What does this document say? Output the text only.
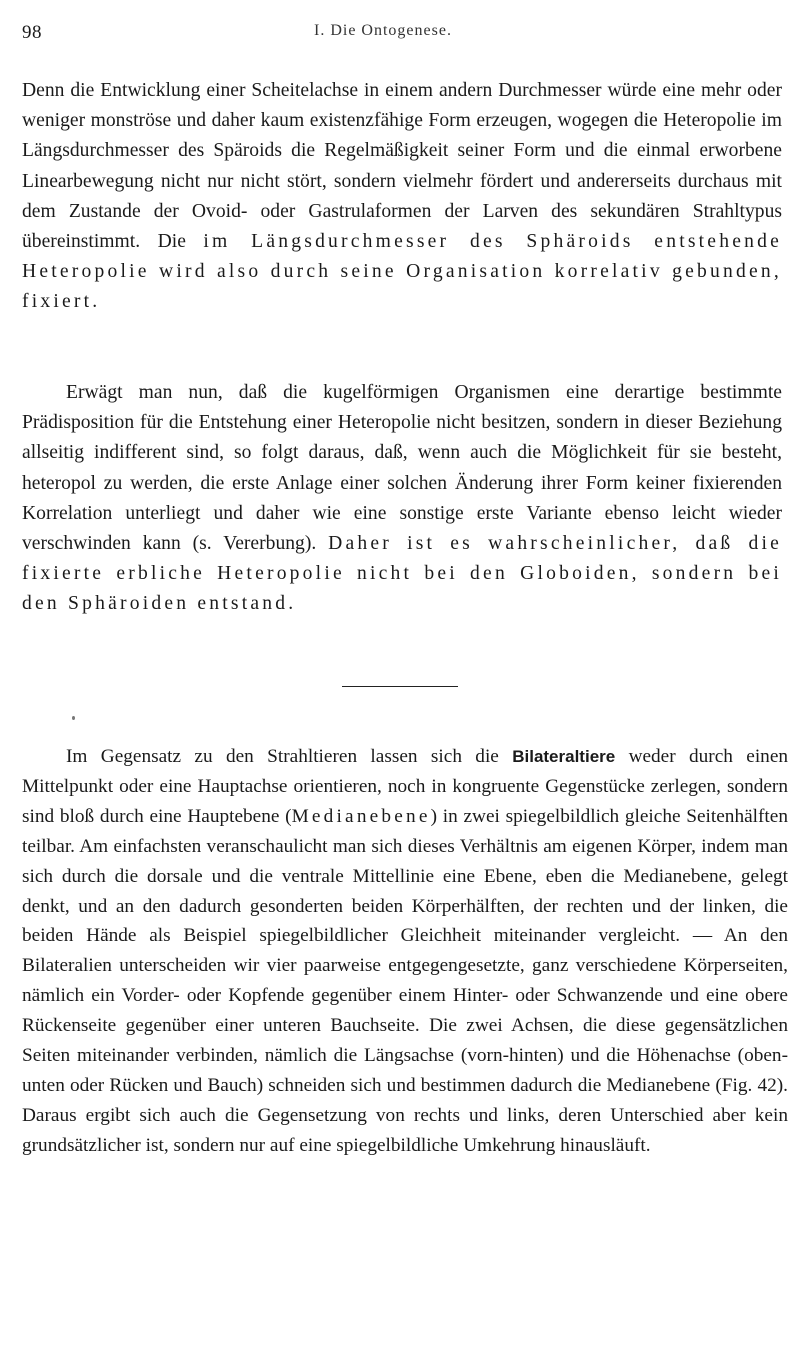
98	I. Die Ontogenese.

Denn die Entwicklung einer Scheitelachse in einem andern Durchmesser würde eine mehr oder weniger monströse und daher kaum existenzfähige Form erzeugen, wogegen die Heteropolie im Längsdurchmesser des Späroids die Regelmäßigkeit seiner Form und die einmal erworbene Linearbewegung nicht nur nicht stört, sondern vielmehr fördert und andererseits durchaus mit dem Zustande der Ovoid- oder Gastrulaformen der Larven des sekundären Strahltypus übereinstimmt. Die im Längsdurchmesser des Sphäroids entstehende Heteropolie wird also durch seine Organisation korrelativ gebunden, fixiert.

Erwägt man nun, daß die kugelförmigen Organismen eine derartige bestimmte Prädisposition für die Entstehung einer Heteropolie nicht besitzen, sondern in dieser Beziehung allseitig indifferent sind, so folgt daraus, daß, wenn auch die Möglichkeit für sie besteht, heteropol zu werden, die erste Anlage einer solchen Änderung ihrer Form keiner fixierenden Korrelation unterliegt und daher wie eine sonstige erste Variante ebenso leicht wieder verschwinden kann (s. Vererbung). Daher ist es wahrscheinlicher, daß die fixierte erbliche Heteropolie nicht bei den Globoiden, sondern bei den Sphäroiden entstand.

Im Gegensatz zu den Strahltieren lassen sich die Bilateraltiere weder durch einen Mittelpunkt oder eine Hauptachse orientieren, noch in kongruente Gegenstücke zerlegen, sondern sind bloß durch eine Hauptebene (Medianebene) in zwei spiegelbildlich gleiche Seitenhälften teilbar. Am einfachsten veranschaulicht man sich dieses Verhältnis am eigenen Körper, indem man sich durch die dorsale und die ventrale Mittellinie eine Ebene, eben die Medianebene, gelegt denkt, und an den dadurch gesonderten beiden Körperhälften, der rechten und der linken, die beiden Hände als Beispiel spiegelbildlicher Gleichheit miteinander vergleicht. — An den Bilateralien unterscheiden wir vier paarweise entgegengesetzte, ganz verschiedene Körperseiten, nämlich ein Vorder- oder Kopfende gegenüber einem Hinter- oder Schwanzende und eine obere Rückenseite gegenüber einer unteren Bauchseite. Die zwei Achsen, die diese gegensätzlichen Seiten miteinander verbinden, nämlich die Längsachse (vorn-hinten) und die Höhenachse (oben-unten oder Rücken und Bauch) schneiden sich und bestimmen dadurch die Medianebene (Fig. 42). Daraus ergibt sich auch die Gegensetzung von rechts und links, deren Unterschied aber kein grundsätzlicher ist, sondern nur auf eine spiegelbildliche Umkehrung hinausläuft.
